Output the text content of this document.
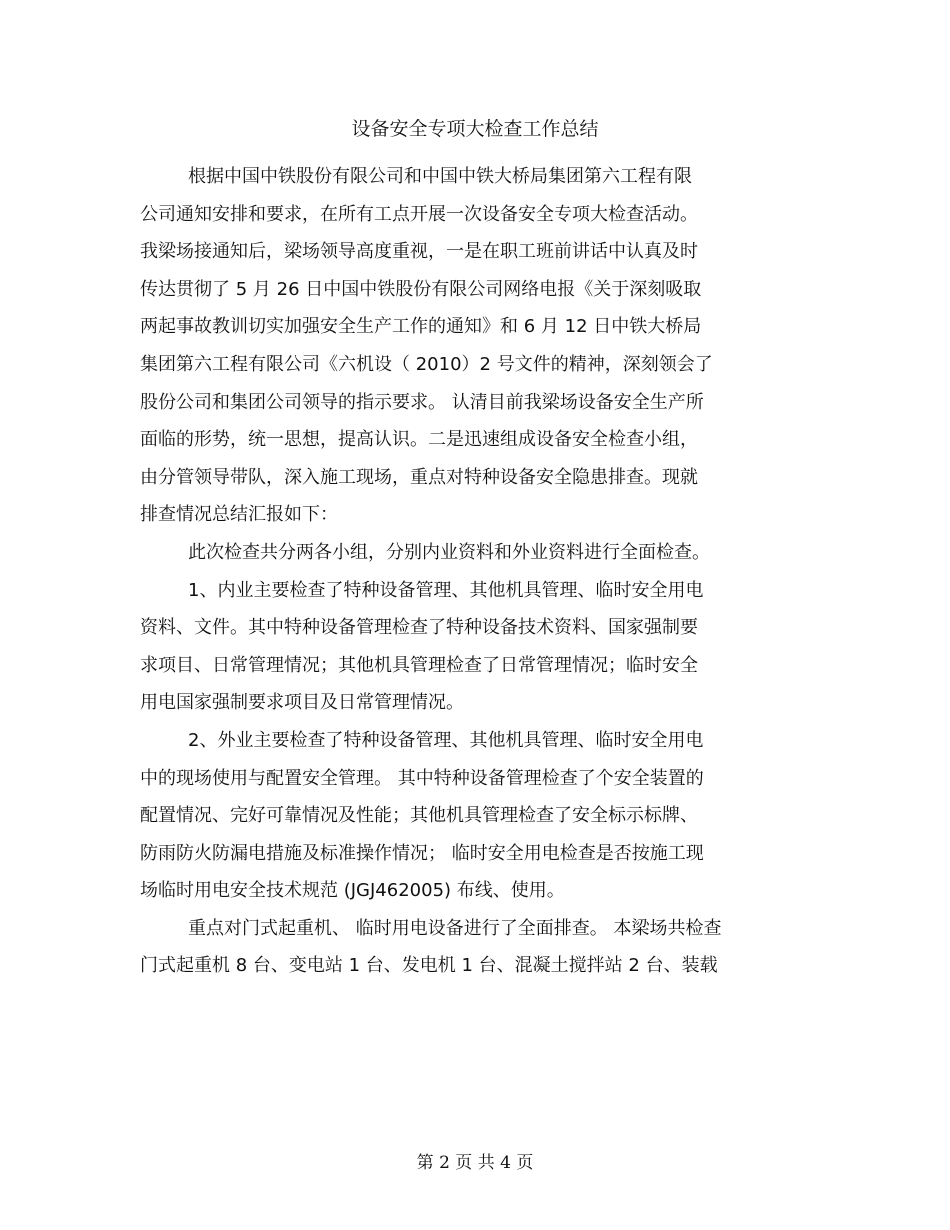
设备安全专项大检查工作总结
根据中国中铁股份有限公司和中国中铁大桥局集团第六工程有限
公司通知安排和要求，在所有工点开展一次设备安全专项大检查活动。
我梁场接通知后，梁场领导高度重视，一是在职工班前讲话中认真及时
传达贯彻了 5 月 26 日中国中铁股份有限公司网络电报《关于深刻吸取
两起事故教训切实加强安全生产工作的通知》和 6 月 12 日中铁大桥局
集团第六工程有限公司《六机设（ 2010）2 号文件的精神，深刻领会了
股份公司和集团公司领导的指示要求。 认清目前我梁场设备安全生产所
面临的形势，统一思想，提高认识。二是迅速组成设备安全检查小组，
由分管领导带队，深入施工现场，重点对特种设备安全隐患排查。现就
排查情况总结汇报如下：
此次检查共分两各小组，分别内业资料和外业资料进行全面检查。
1、内业主要检查了特种设备管理、其他机具管理、临时安全用电
资料、文件。其中特种设备管理检查了特种设备技术资料、国家强制要
求项目、日常管理情况；其他机具管理检查了日常管理情况；临时安全
用电国家强制要求项目及日常管理情况。
2、外业主要检查了特种设备管理、其他机具管理、临时安全用电
中的现场使用与配置安全管理。 其中特种设备管理检查了个安全装置的
配置情况、完好可靠情况及性能；其他机具管理检查了安全标示标牌、
防雨防火防漏电措施及标准操作情况； 临时安全用电检查是否按施工现
场临时用电安全技术规范 (JGJ462005) 布线、使用。
重点对门式起重机、 临时用电设备进行了全面排查。 本梁场共检查
门式起重机 8 台、变电站 1 台、发电机 1 台、混凝土搅拌站 2 台、装载
第 2 页 共 4 页
